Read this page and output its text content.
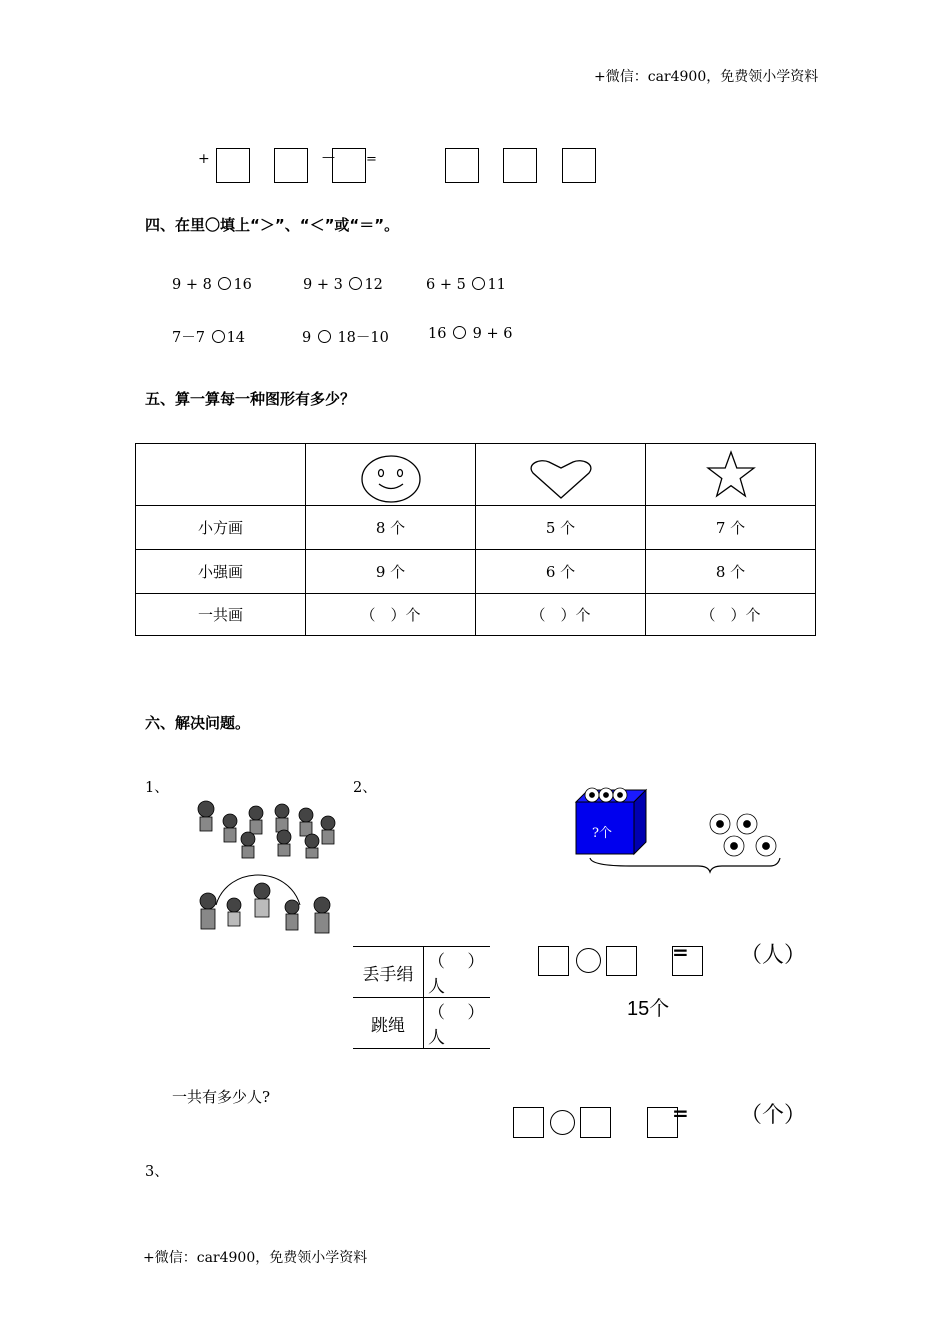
+微信：car4900，免费领小学资料
+	— =
四、在里〇填上“＞”、“＜”或“＝”。
9 + 8 16	9 + 3 12	6 + 5 11
7－7 14	9 18－10	16 9 + 6
五、算一算每一种图形有多少？

小方画	8 个	5 个	7 个
小强画	9 个	6 个	8 个
一共画	（　）个	（　）个	（　）个
六、解决问题。
1、	2、
丢手绢	（　 ）人
跳绳	（　 ）人
?个
= （人）
15个
一共有多少人?
= （个）
3、
+微信：car4900，免费领小学资料
